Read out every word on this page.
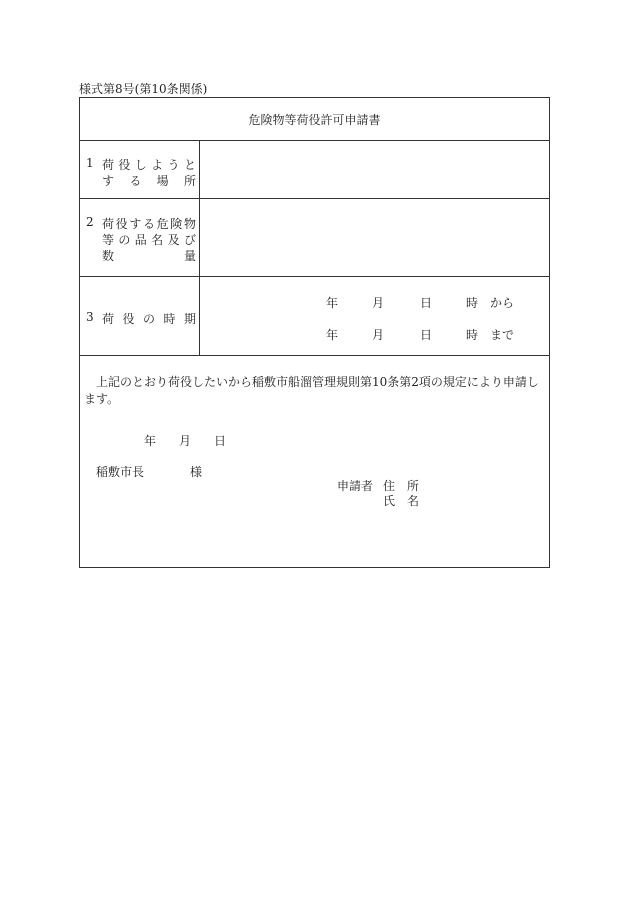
様式第8号(第10条関係)
危険物等荷役許可申請書
1 荷 役 し よ う と
す る 場 所
2 荷 役 す る 危 険 物
等 の 品 名 及 び
数	量
3 荷 役 の 時 期
年	月	日	時 から
年	月	日	時 まで
上記のとおり荷役したいから稲敷市船溜管理規則第10条第2項の規定により申請します。
年 月 日
稲敷市長	様
申請者 住　所
氏　名
